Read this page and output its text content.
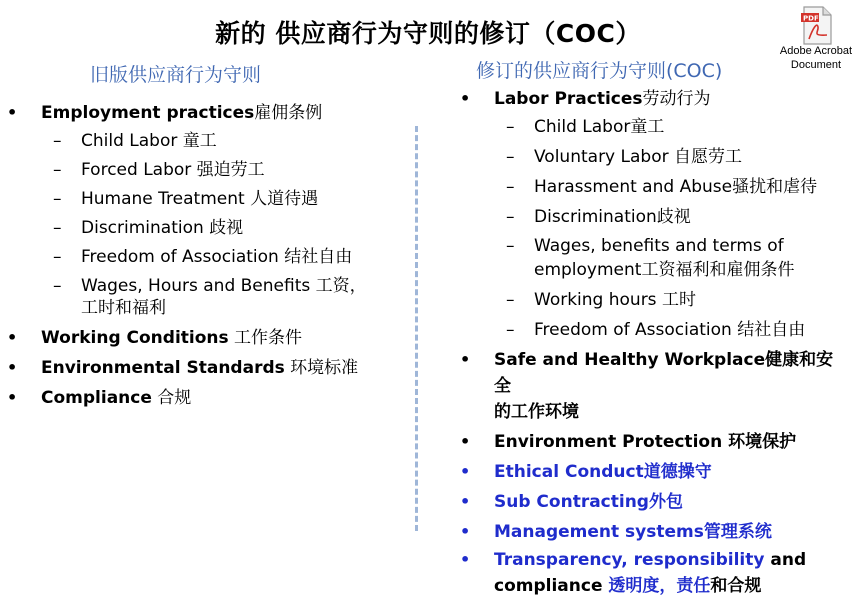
新的 供应商行为守则的修订（COC）
PDF
Adobe Acrobat
Document
旧版供应商行为守则	修订的供应商行为守则(COC)
• Employment practices雇佣条例
– Child Labor 童工
– Forced Labor 强迫劳工
– Humane Treatment 人道待遇
– Discrimination 歧视
– Freedom of Association 结社自由
– Wages, Hours and Benefits 工资，
工时和福利
• Working Conditions 工作条件
• Environmental Standards 环境标准
• Compliance 合规
• Labor Practices劳动行为
– Child Labor童工
– Voluntary Labor 自愿劳工
– Harassment and Abuse骚扰和虐待
– Discrimination歧视
– Wages, benefits and terms of
employment工资福利和雇佣条件
– Working hours 工时
– Freedom of Association 结社自由
• Safe and Healthy Workplace健康和安全
的工作环境
• Environment Protection 环境保护
• Ethical Conduct道德操守
• Sub Contracting外包
• Management systems管理系统
• Transparency, responsibility and
compliance 透明度，责任和合规
